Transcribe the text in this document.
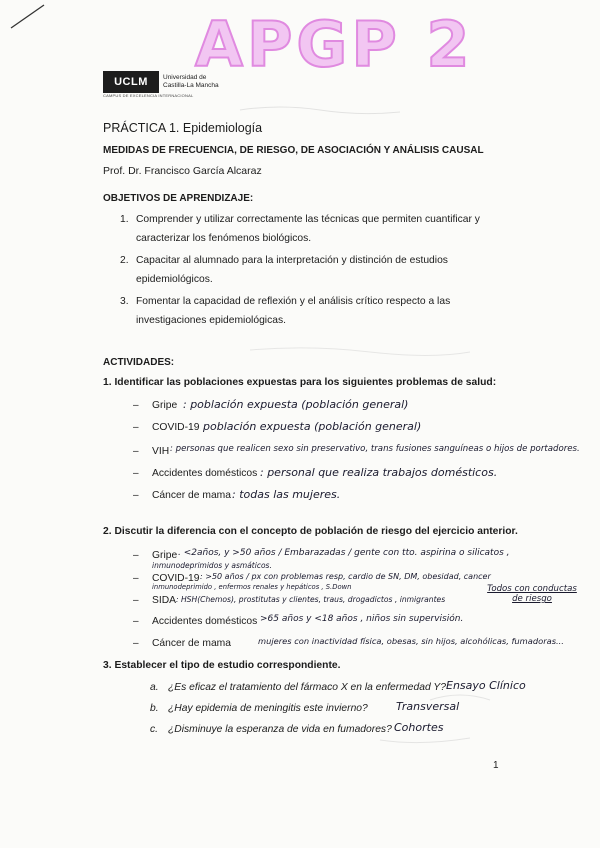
APGP 2
UCLM
CAMPUS DE EXCELENCIA INTERNACIONAL
Universidad de
Castilla-La Mancha
PRÁCTICA 1. Epidemiología
MEDIDAS DE FRECUENCIA, DE RIESGO, DE ASOCIACIÓN Y ANÁLISIS CAUSAL
Prof. Dr. Francisco García Alcaraz
OBJETIVOS DE APRENDIZAJE:
1. Comprender y utilizar correctamente las técnicas que permiten cuantificar y
caracterizar los fenómenos biológicos.
2. Capacitar al alumnado para la interpretación y distinción de estudios
epidemiológicos.
3. Fomentar la capacidad de reflexión y el análisis crítico respecto a las
investigaciones epidemiológicas.
ACTIVIDADES:
1. Identificar las poblaciones expuestas para los siguientes problemas de salud:
– Gripe : población expuesta (población general)
– COVID-19 población expuesta (población general)
– VIH : personas que realicen sexo sin preservativo, trans fusiones sanguíneas o hijos de portadores.
– Accidentes domésticos : personal que realiza trabajos domésticos.
– Cáncer de mama : todas las mujeres.
2. Discutir la diferencia con el concepto de población de riesgo del ejercicio anterior.
– Gripe . <2años, y >50 años / Embarazadas / gente con tto. aspirina o silicatos ,
inmunodeprimidos y asmáticos.
– COVID-19 : >50 años / px con problemas resp, cardio de SN, DM, obesidad, cancer
inmunodeprimido , enfermos renales y hepáticos , S.Down
– SIDA : HSH(Chemos), prostitutas y clientes, traus, drogadictos , inmigrantes
Todos con conductas de riesgo
– Accidentes domésticos >65 años y <18 años , niños sin supervisión.
– Cáncer de mama	mujeres con inactividad física, obesas, sin hijos, alcohólicas, fumadoras...
3. Establecer el tipo de estudio correspondiente.
a. ¿Es eficaz el tratamiento del fármaco X en la enfermedad Y? Ensayo Clínico
b. ¿Hay epidemia de meningitis este invierno?	Transversal
c. ¿Disminuye la esperanza de vida en fumadores? Cohortes
1
